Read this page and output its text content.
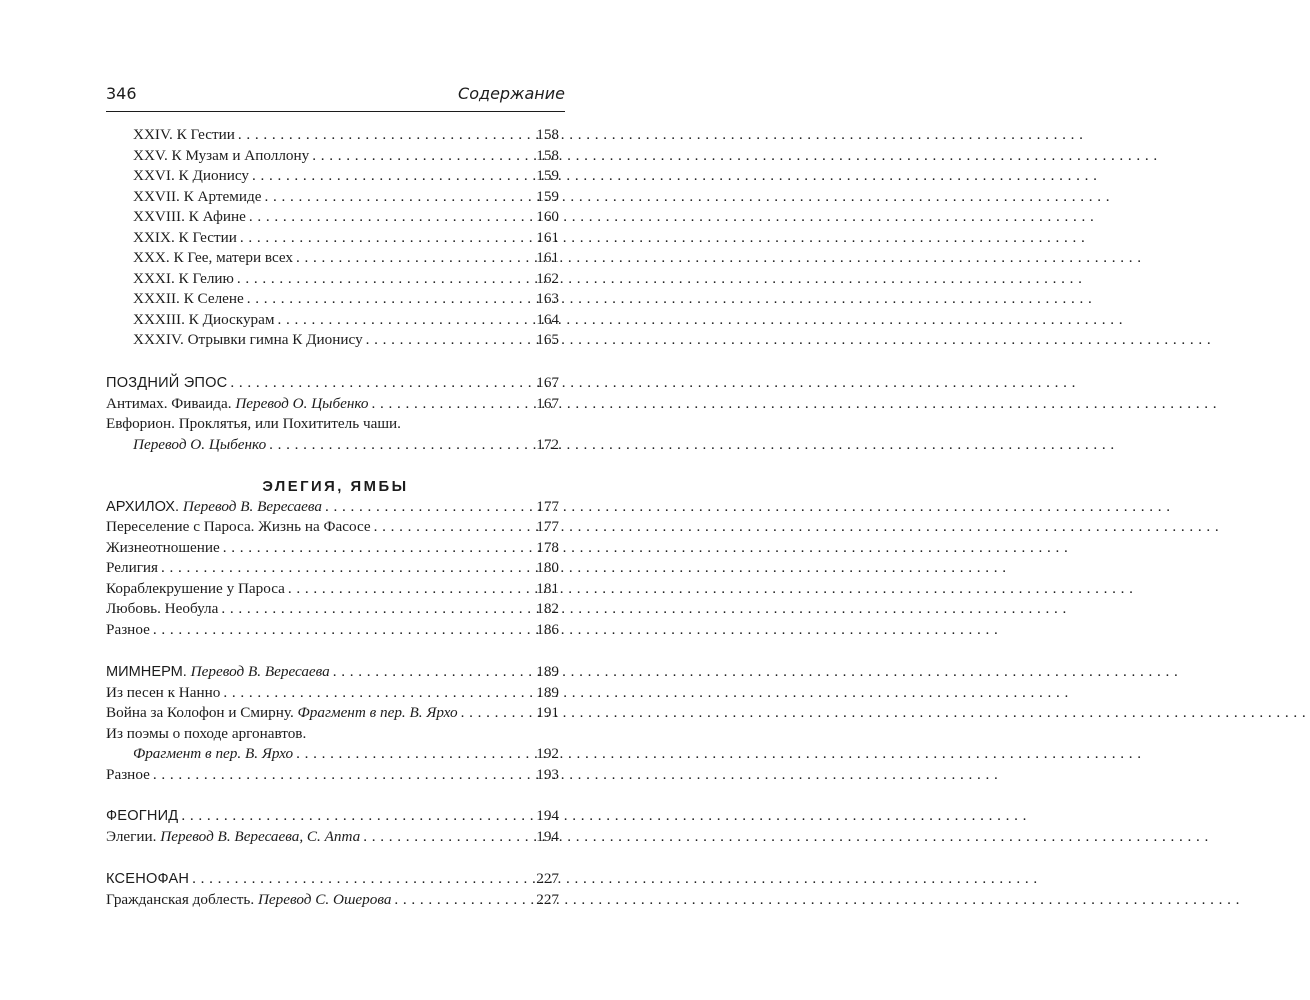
346	Содержание
XXIV. К Гестии .....	158
XXV. К Музам и Аполлону .....	158
XXVI. К Дионису .....	159
XXVII. К Артемиде .....	159
XXVIII. К Афине .....	160
XXIX. К Гестии .....	161
XXX. К Гее, матери всех .....	161
XXXI. К Гелию .....	162
XXXII. К Селене .....	163
XXXIII. К Диоскурам .....	164
XXXIV. Отрывки гимна К Дионису .....	165
ПОЗДНИЙ ЭПОС .....	167
Антимах. Фиваида. Перевод О. Цыбенко .....	167
Евфорион. Проклятья, или Похититель чаши.
Перевод О. Цыбенко .....	172
ЭЛЕГИЯ, ЯМБЫ
АРХИЛОХ. Перевод В. Вересаева .....	177
Переселение с Пароса. Жизнь на Фасосе .....	177
Жизнеотношение .....	178
Религия .....	180
Кораблекрушение у Пароса .....	181
Любовь. Необула .....	182
Разное .....	186
МИМНЕРМ. Перевод В. Вересаева .....	189
Из песен к Нанно .....	189
Война за Колофон и Смирну. Фрагмент в пер. В. Ярхо .....	191
Из поэмы о походе аргонавтов.
Фрагмент в пер. В. Ярхо .....	192
Разное .....	193
ФЕОГНИД .....	194
Элегии. Перевод В. Вересаева, С. Апта .....	194
КСЕНОФАН .....	227
Гражданская доблесть. Перевод С. Ошерова .....	227
